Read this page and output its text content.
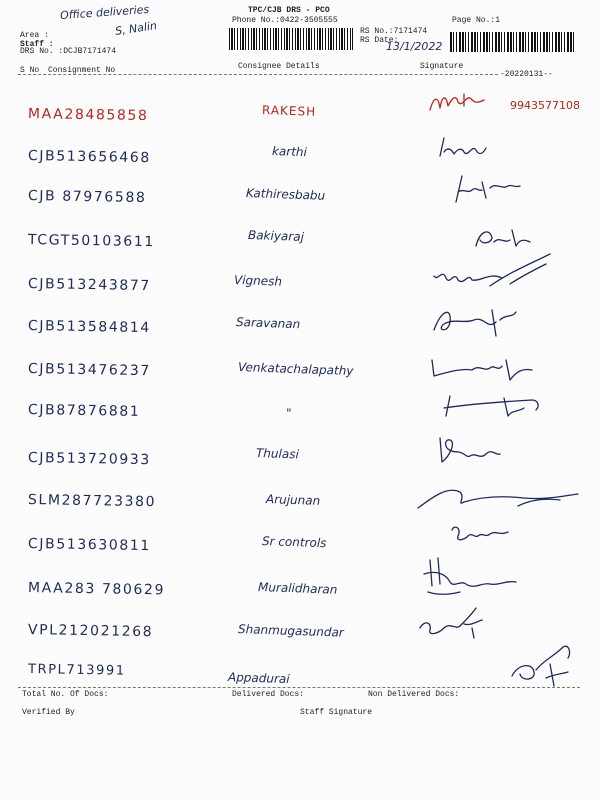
Office deliveries
S, Nalin
Area :
Staff :
DRS No. :DCJB7171474
TPC/CJB DRS - PCO
Phone No.:0422-3505555
RS No.:7171474
RS Date:
13/1/2022
Page No.:1
S No Consignment No	Consignee Details	Signature
-20220131--
MAA28485858	RAKESH	9943577108
CJB513656468	karthi
CJB 87976588	Kathiresbabu
TCGT50103611	Bakiyaraj
CJB513243877	Vignesh
CJB513584814	Saravanan
CJB513476237	Venkatachalapathy
CJB87876881	"
CJB513720933	Thulasi
SLM287723380	Arujunan
CJB513630811	Sr controls
MAA283 780629	Muralidharan
VPL212021268	Shanmugasundar
TRPL713991	Appadurai
Total No. Of Docs:	Delivered Docs:	Non Delivered Docs:
Verified By	Staff Signature
